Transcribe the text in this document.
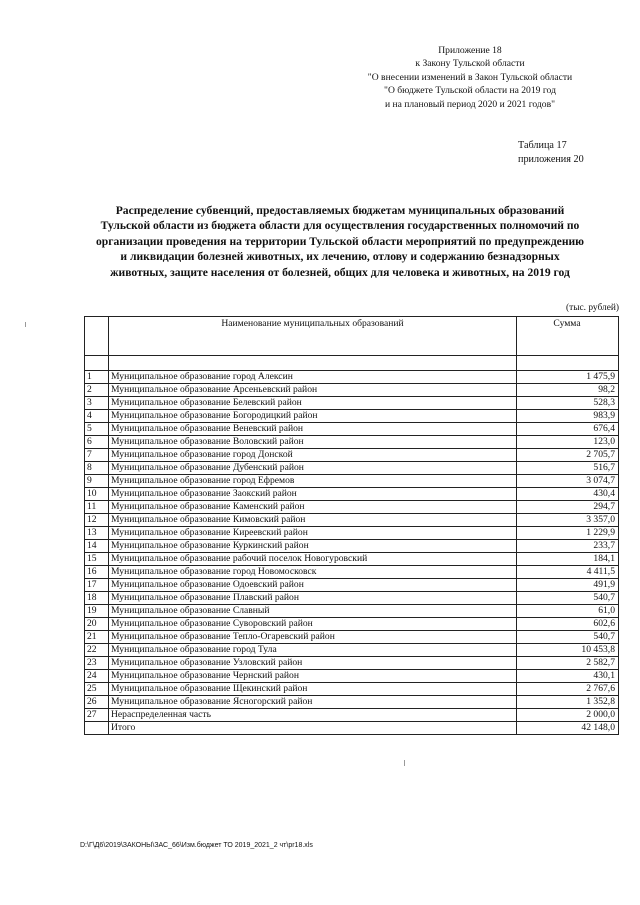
Приложение 18
к Закону Тульской области
"О внесении изменений в Закон Тульской области
"О бюджете Тульской области на 2019 год
и на плановый период 2020 и 2021 годов"
Таблица 17
приложения 20
Распределение субвенций, предоставляемых бюджетам муниципальных образований
Тульской области из бюджета области для осуществления государственных полномочий по
организации проведения на территории Тульской области мероприятий по предупреждению
и ликвидации болезней животных, их лечению, отлову и содержанию безнадзорных
животных, защите населения от болезней, общих для человека и животных, на 2019 год
(тыс. рублей)
	Наименование муниципальных образований	Сумма

1	Муниципальное образование город Алексин	1 475,9
2	Муниципальное образование Арсеньевский район	98,2
3	Муниципальное образование Белевский район	528,3
4	Муниципальное образование Богородицкий район	983,9
5	Муниципальное образование Веневский район	676,4
6	Муниципальное образование Воловский район	123,0
7	Муниципальное образование город Донской	2 705,7
8	Муниципальное образование Дубенский район	516,7
9	Муниципальное образование город Ефремов	3 074,7
10	Муниципальное образование Заокский район	430,4
11	Муниципальное образование Каменский район	294,7
12	Муниципальное образование Кимовский район	3 357,0
13	Муниципальное образование Киреевский район	1 229,9
14	Муниципальное образование Куркинский район	233,7
15	Муниципальное образование рабочий поселок Новогуровский	184,1
16	Муниципальное образование город Новомосковск	4 411,5
17	Муниципальное образование Одоевский район	491,9
18	Муниципальное образование Плавский район	540,7
19	Муниципальное образование Славный	61,0
20	Муниципальное образование Суворовский район	602,6
21	Муниципальное образование Тепло-Огаревский район	540,7
22	Муниципальное образование город Тула	10 453,8
23	Муниципальное образование Узловский район	2 582,7
24	Муниципальное образование Чернский район	430,1
25	Муниципальное образование Щекинский район	2 767,6
26	Муниципальное образование Ясногорский район	1 352,8
27	Нераспределенная часть	2 000,0
	Итого	42 148,0
D:\Г\Д6\2019\ЗАКОНЫ\ЗАС_66\Изм.бюджет ТО 2019_2021_2 чт\pr18.xls
